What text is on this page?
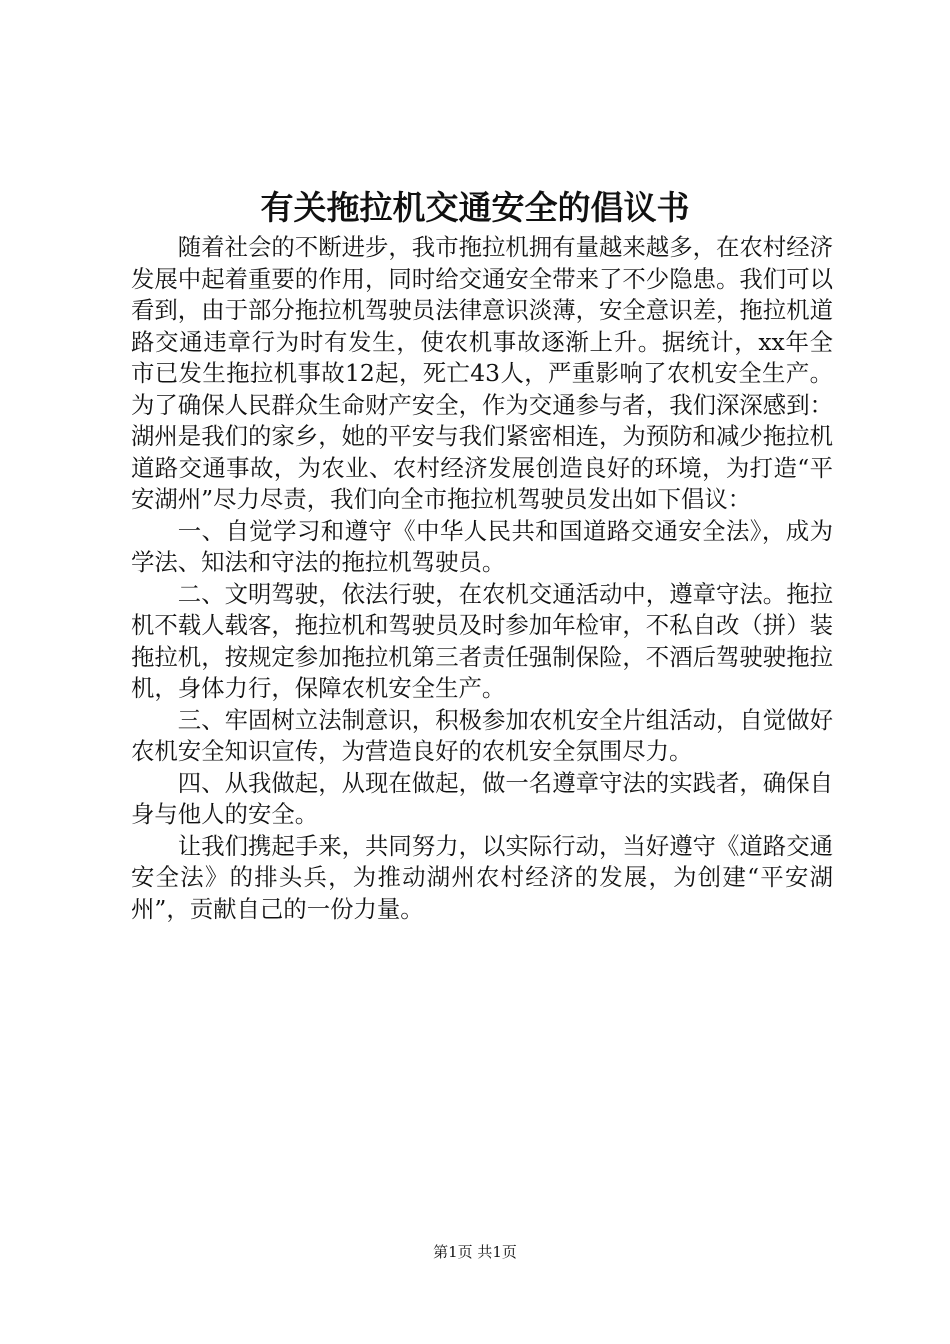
有关拖拉机交通安全的倡议书

随着社会的不断进步，我市拖拉机拥有量越来越多，在农村经济发展中起着重要的作用，同时给交通安全带来了不少隐患。我们可以看到，由于部分拖拉机驾驶员法律意识淡薄，安全意识差，拖拉机道路交通违章行为时有发生，使农机事故逐渐上升。据统计，xx年全市已发生拖拉机事故12起，死亡43人，严重影响了农机安全生产。为了确保人民群众生命财产安全，作为交通参与者，我们深深感到：湖州是我们的家乡，她的平安与我们紧密相连，为预防和减少拖拉机道路交通事故，为农业、农村经济发展创造良好的环境，为打造“平安湖州”尽力尽责，我们向全市拖拉机驾驶员发出如下倡议：

一、自觉学习和遵守《中华人民共和国道路交通安全法》，成为学法、知法和守法的拖拉机驾驶员。

二、文明驾驶，依法行驶，在农机交通活动中，遵章守法。拖拉机不载人载客，拖拉机和驾驶员及时参加年检审，不私自改（拼）装拖拉机，按规定参加拖拉机第三者责任强制保险，不酒后驾驶驶拖拉机，身体力行，保障农机安全生产。

三、牢固树立法制意识，积极参加农机安全片组活动，自觉做好农机安全知识宣传，为营造良好的农机安全氛围尽力。

四、从我做起，从现在做起，做一名遵章守法的实践者，确保自身与他人的安全。

让我们携起手来，共同努力，以实际行动，当好遵守《道路交通安全法》的排头兵，为推动湖州农村经济的发展，为创建“平安湖州”，贡献自己的一份力量。

第1页 共1页
